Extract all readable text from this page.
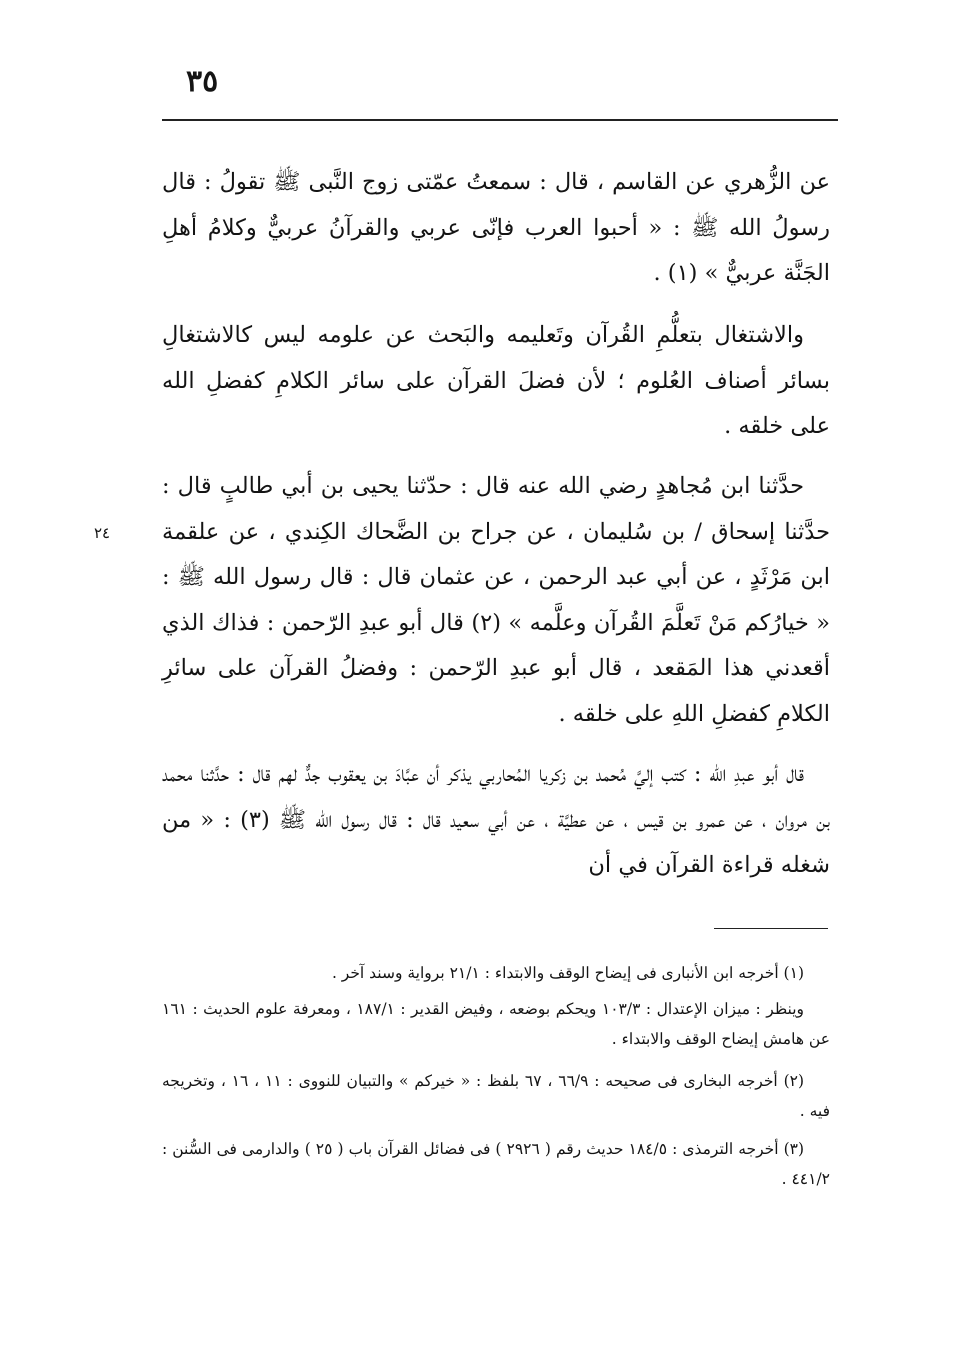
٣٥
عن الزُّهري عن القاسم ، قال : سمعتُ عمّتى زوج النَّبى ﷺ تقولُ : قال رسولُ الله ﷺ : « أحبوا العرب فإنّى عربي والقرآنُ عربيٌّ وكلامُ أهلِ الجَنَّة عربيٌّ » (١) .
والاشتغال بتعلُّمِ القُرآن وتَعليمه والبَحث عن علومه ليس كالاشتغالِ بسائر أصناف العُلوم ؛ لأن فضلَ القرآن على سائر الكلامِ كفضلِ الله على خلقه .
حدَّثنا ابن مُجاهدٍ رضي الله عنه قال : حدّثنا يحيى بن أبي طالبٍ قال : حدَّثنا إسحاق / بن سُليمان ، عن جراح بن الضَّحاك الكِندي ، عن علقمة ابن مَرْثَدٍ ، عن أبي عبد الرحمن ، عن عثمان قال : قال رسول الله ﷺ : « خيارُكم مَنْ تَعلَّمَ القُرآن وعلَّمه » (٢) قال أبو عبدِ الرّحمن : فذاك الذي أقعدني هذا المَقعد ، قال أبو عبدِ الرّحمن : وفضلُ القرآن على سائرِ الكلامِ كفضلِ اللهِ على خلقه .
٢٤
قال أبو عبدِ الله : كتب إليَّ مُحمد بن زكريا المُحاربي يذكر أن عبَّادَ بن يعقوب جدٌّ لهم قال : حدَّثنا محمد بن مروان ، عن عمرو بن قيس ، عن عطيَّة ، عن أبي سعيد قال : قال رسول الله ﷺ (٣) : « من شغله قراءة القرآن في أن
(١) أخرجه ابن الأنبارى فى إيضاح الوقف والابتداء : ٢١/١ برواية وسند آخر .
وينظر : ميزان الإعتدال : ١٠٣/٣ ويحكم بوضعه ، وفيض القدير : ١٨٧/١ ، ومعرفة علوم الحديث : ١٦١ عن هامش إيضاح الوقف والابتداء .
(٢) أخرجه البخارى فى صحيحه : ٦٦/٩ ، ٦٧ بلفظ : « خيركم » والتبيان للنووى : ١١ ، ١٦ ، وتخريجه فيه .
(٣) أخرجه الترمذى : ١٨٤/٥ حديث رقم ( ٢٩٢٦ ) فى فضائل القرآن باب ( ٢٥ ) والدارمى فى السُّنن : ٤٤١/٢ .
